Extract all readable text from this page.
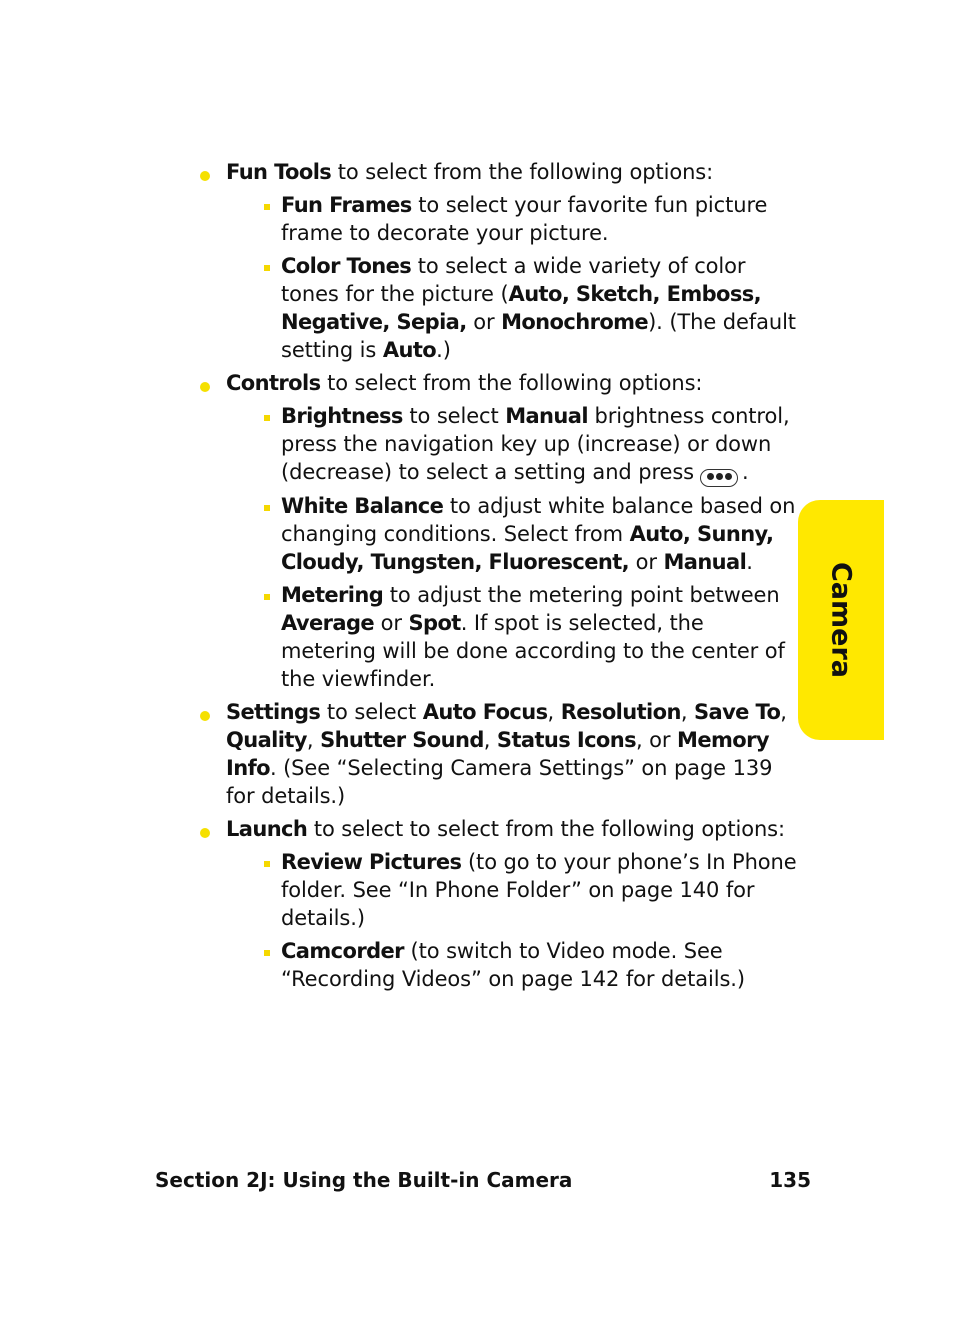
Fun Tools to select from the following options:
Fun Frames to select your favorite fun picture frame to decorate your picture.
Color Tones to select a wide variety of color tones for the picture (Auto, Sketch, Emboss, Negative, Sepia, or Monochrome). (The default setting is Auto.)
Controls to select from the following options:
Brightness to select Manual brightness control, press the navigation key up (increase) or down (decrease) to select a setting and press .
White Balance to adjust white balance based on changing conditions. Select from Auto, Sunny, Cloudy, Tungsten, Fluorescent, or Manual.
Metering to adjust the metering point between Average or Spot. If spot is selected, the metering will be done according to the center of the viewfinder.
Settings to select Auto Focus, Resolution, Save To, Quality, Shutter Sound, Status Icons, or Memory Info. (See “Selecting Camera Settings” on page 139 for details.)
Launch to select to select from the following options:
Review Pictures (to go to your phone’s In Phone folder. See “In Phone Folder” on page 140 for details.)
Camcorder (to switch to Video mode. See “Recording Videos” on page 142 for details.)
Camera
Section 2J: Using the Built-in Camera	135
